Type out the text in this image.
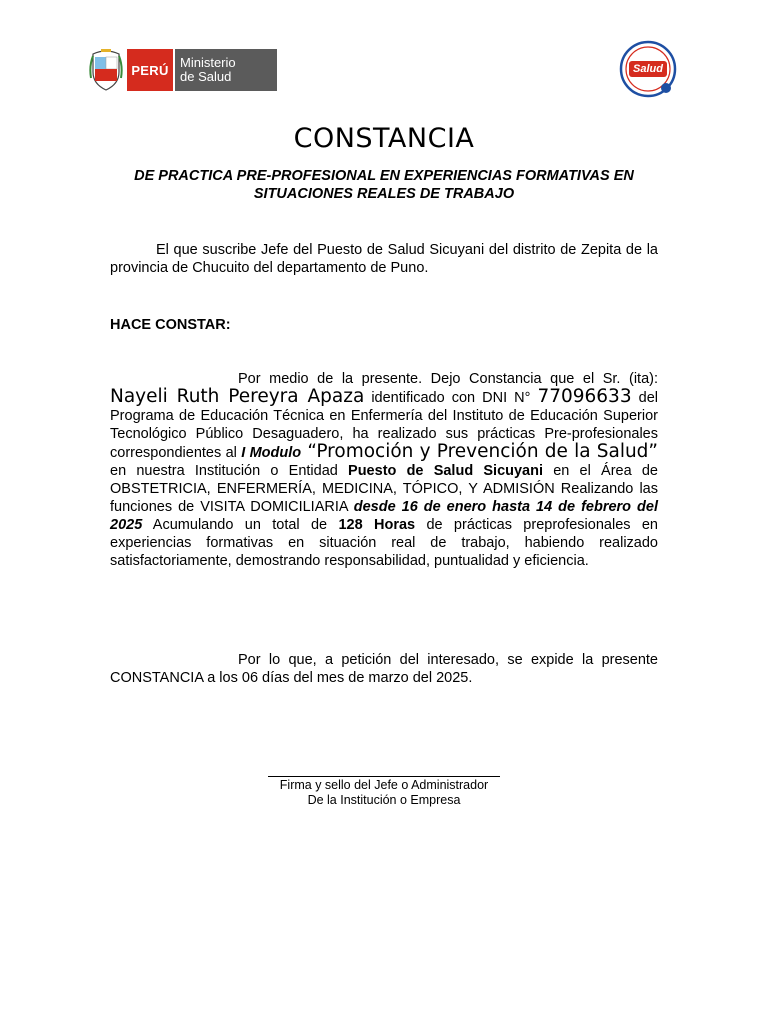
PERÚ Ministerio
de Salud	Salud
CONSTANCIA
DE PRACTICA PRE-PROFESIONAL EN EXPERIENCIAS FORMATIVAS EN
SITUACIONES REALES DE TRABAJO
El que suscribe Jefe del Puesto de Salud Sicuyani del distrito de Zepita de la provincia de Chucuito del departamento de Puno.
HACE CONSTAR:
Por medio de la presente. Dejo Constancia que el Sr. (ita): Nayeli Ruth Pereyra Apaza identificado con DNI N° 77096633 del Programa de Educación Técnica en Enfermería del Instituto de Educación Superior Tecnológico Público Desaguadero, ha realizado sus prácticas Pre-profesionales correspondientes al I Modulo “Promoción y Prevención de la Salud” en nuestra Institución o Entidad Puesto de Salud Sicuyani en el Área de OBSTETRICIA, ENFERMERÍA, MEDICINA, TÓPICO, Y ADMISIÓN Realizando las funciones de VISITA DOMICILIARIA desde 16 de enero hasta 14 de febrero del 2025 Acumulando un total de 128 Horas de prácticas preprofesionales en experiencias formativas en situación real de trabajo, habiendo realizado satisfactoriamente, demostrando responsabilidad, puntualidad y eficiencia.
Por lo que, a petición del interesado, se expide la presente CONSTANCIA a los 06 días del mes de marzo del 2025.
Firma y sello del Jefe o Administrador
De la Institución o Empresa
